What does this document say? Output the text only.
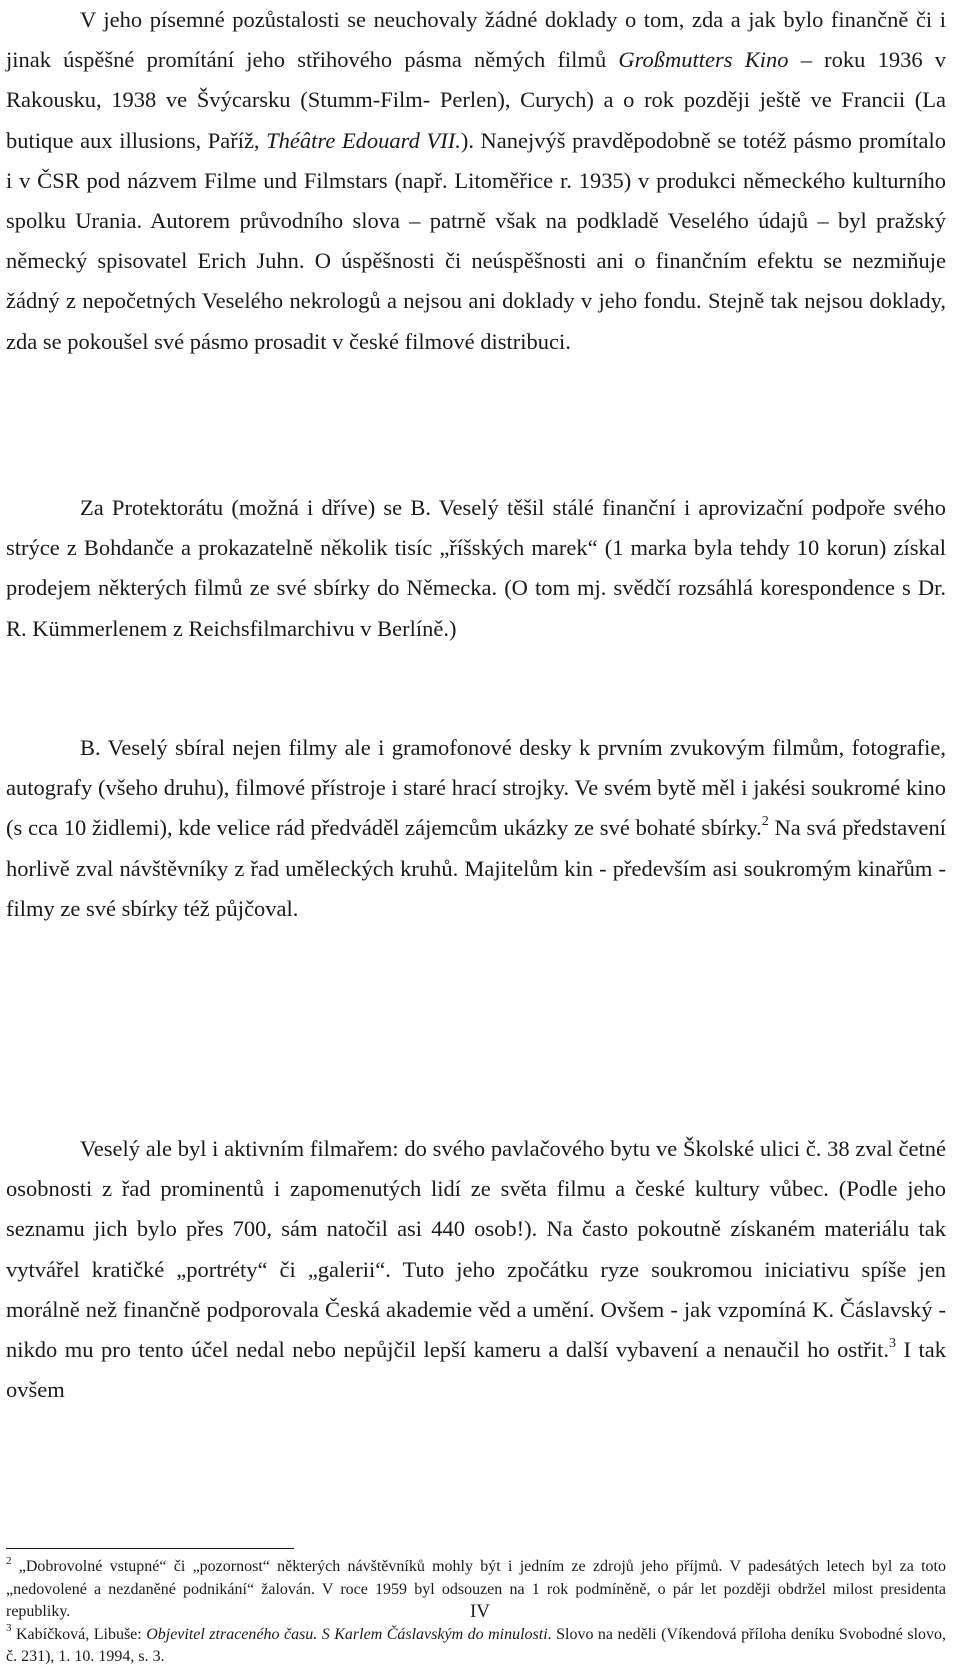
V jeho písemné pozůstalosti se neuchovaly žádné doklady o tom, zda a jak bylo finančně či i jinak úspěšné promítání jeho střihového pásma němých filmů Großmutters Kino – roku 1936 v Rakousku, 1938 ve Švýcarsku (Stumm-Film- Perlen), Curych) a o rok později ještě ve Francii (La butique aux illusions, Paříž, Théâtre Edouard VII.). Nanejvýš pravděpodobně se totéž pásmo promítalo i v ČSR pod názvem Filme und Filmstars (např. Litoměřice r. 1935) v produkci německého kulturního spolku Urania. Autorem průvodního slova – patrně však na podkladě Veselého údajů – byl pražský německý spisovatel Erich Juhn. O úspěšnosti či neúspěšnosti ani o finančním efektu se nezmiňuje žádný z nepočetných Veselého nekrologů a nejsou ani doklady v jeho fondu. Stejně tak nejsou doklady, zda se pokoušel své pásmo prosadit v české filmové distribuci.

Za Protektorátu (možná i dříve) se B. Veselý těšil stálé finanční i aprovizační podpoře svého strýce z Bohdanče a prokazatelně několik tisíc „říšských marek“ (1 marka byla tehdy 10 korun) získal prodejem některých filmů ze své sbírky do Německa. (O tom mj. svědčí rozsáhlá korespondence s Dr. R. Kümmerlenem z Reichsfilmarchivu v Berlíně.)

B. Veselý sbíral nejen filmy ale i gramofonové desky k prvním zvukovým filmům, fotografie, autografy (všeho druhu), filmové přístroje i staré hrací strojky. Ve svém bytě měl i jakési soukromé kino (s cca 10 židlemi), kde velice rád předváděl zájemcům ukázky ze své bohaté sbírky.$^2$ Na svá představení horlivě zval návštěvníky z řad uměleckých kruhů. Majitelům kin - především asi soukromým kinařům - filmy ze své sbírky též půjčoval.

Veselý ale byl i aktivním filmařem: do svého pavlačového bytu ve Školské ulici č. 38 zval četné osobnosti z řad prominentů i zapomenutých lidí ze světa filmu a české kultury vůbec. (Podle jeho seznamu jich bylo přes 700, sám natočil asi 440 osob!). Na často pokoutně získaném materiálu tak vytvářel kratičké „portréty“ či „galerii“. Tuto jeho zpočátku ryze soukromou iniciativu spíše jen morálně než finančně podporovala Česká akademie věd a umění. Ovšem - jak vzpomíná K. Čáslavský - nikdo mu pro tento účel nedal nebo nepůjčil lepší kameru a další vybavení a nenaučil ho ostřit.$^3$ I tak ovšem

$^2$ „Dobrovolné vstupné“ či „pozornost“ některých návštěvníků mohly být i jedním ze zdrojů jeho příjmů. V padesátých letech byl za toto „nedovolené a nezdaněné podnikání“ žalován. V roce 1959 byl odsouzen na 1 rok podmíněně, o pár let později obdržel milost presidenta republiky.

$^3$ Kabíčková, Libuše: Objevitel ztraceného času. S Karlem Čáslavským do minulosti. Slovo na neděli (Víkendová příloha deníku Svobodné slovo, č. 231), 1. 10. 1994, s. 3.

IV
